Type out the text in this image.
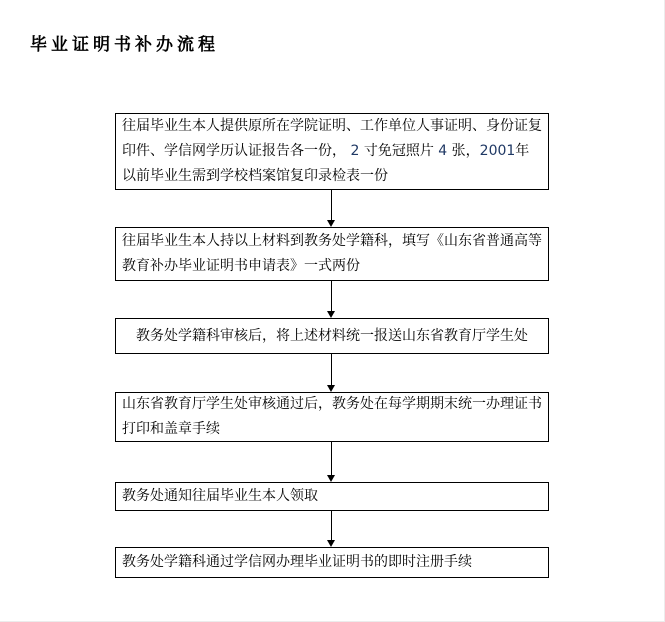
毕业证明书补办流程
往届毕业生本人提供原所在学院证明、工作单位人事证明、身份证复印件、学信网学历认证报告各一份， 2 寸免冠照片 4 张，2001年以前毕业生需到学校档案馆复印录检表一份
往届毕业生本人持以上材料到教务处学籍科，填写《山东省普通高等教育补办毕业证明书申请表》一式两份
　教务处学籍科审核后，将上述材料统一报送山东省教育厅学生处
山东省教育厅学生处审核通过后，教务处在每学期期末统一办理证书打印和盖章手续
教务处通知往届毕业生本人领取
教务处学籍科通过学信网办理毕业证明书的即时注册手续
